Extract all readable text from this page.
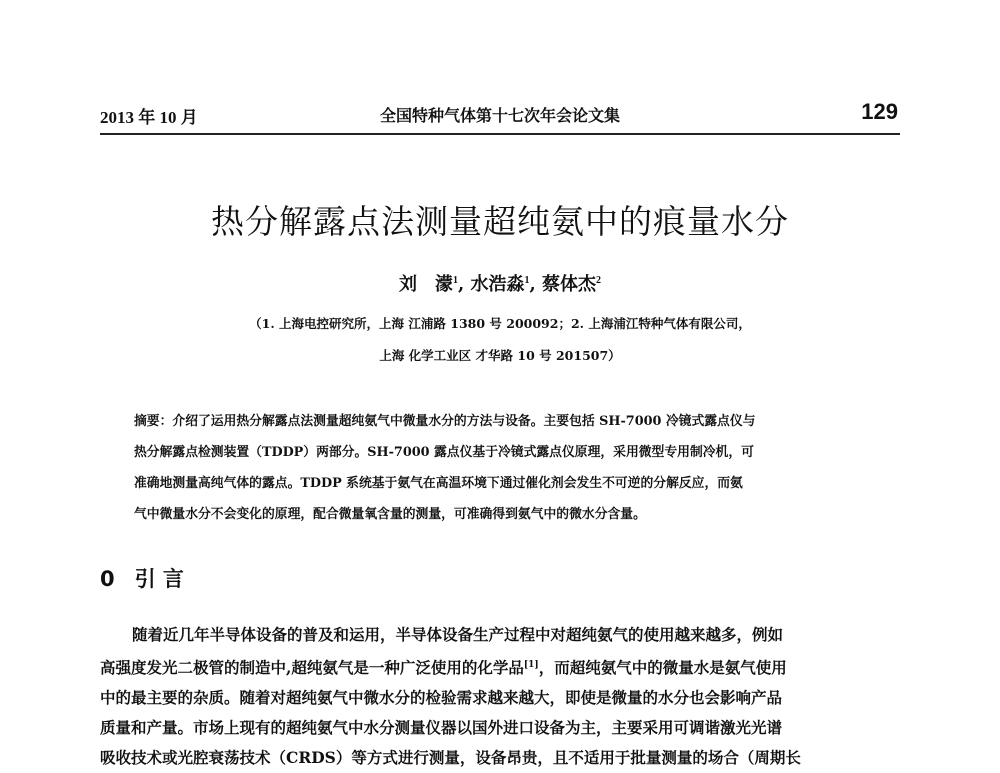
2013 年 10 月	全国特种气体第十七次年会论文集	129
热分解露点法测量超纯氨中的痕量水分
刘　濛$^1$, 水浩淼$^1$, 蔡体杰$^2$
（1. 上海电控研究所，上海 江浦路 1380 号 200092；2. 上海浦江特种气体有限公司，
上海 化学工业区 才华路 10 号 201507）

摘要：介绍了运用热分解露点法测量超纯氨气中微量水分的方法与设备。主要包括 SH-7000 冷镜式露点仪与

热分解露点检测装置（TDDP）两部分。SH-7000 露点仪基于冷镜式露点仪原理，采用微型专用制冷机，可

准确地测量高纯气体的露点。TDDP 系统基于氨气在高温环境下通过催化剂会发生不可逆的分解反应，而氨

气中微量水分不会变化的原理，配合微量氧含量的测量，可准确得到氨气中的微水分含量。

0 引 言

随着近几年半导体设备的普及和运用，半导体设备生产过程中对超纯氨气的使用越来越多，例如

高强度发光二极管的制造中,超纯氨气是一种广泛使用的化学品[1]，而超纯氨气中的微量水是氨气使用

中的最主要的杂质。随着对超纯氨气中微水分的检验需求越来越大，即使是微量的水分也会影响产品

质量和产量。市场上现有的超纯氨气中水分测量仪器以国外进口设备为主，主要采用可调谐激光光谱

吸收技术或光腔衰荡技术（CRDS）等方式进行测量，设备昂贵，且不适用于批量测量的场合（周期长
